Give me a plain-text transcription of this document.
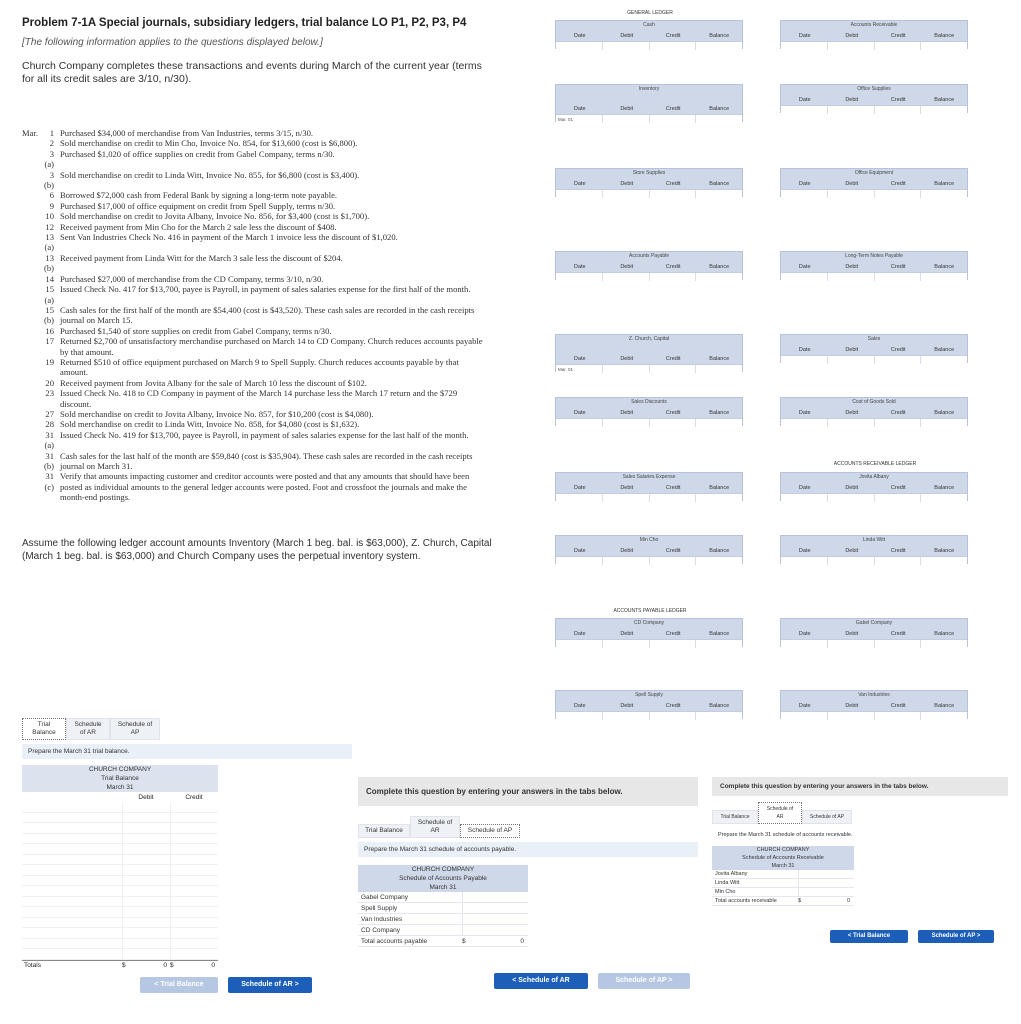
Problem 7-1A Special journals, subsidiary ledgers, trial balance LO P1, P2, P3, P4
[The following information applies to the questions displayed below.]
Church Company completes these transactions and events during March of the current year (terms for all its credit sales are 3/10, n/30).
Mar.	1 Purchased $34,000 of merchandise from Van Industries, terms 3/15, n/30.
2 Sold merchandise on credit to Min Cho, Invoice No. 854, for $13,600 (cost is $6,800).
3 (a)
Purchased $1,020 of office supplies on credit from Gabel Company, terms n/30.
3 (b)
Sold merchandise on credit to Linda Witt, Invoice No. 855, for $6,800 (cost is $3,400).
6 Borrowed $72,000 cash from Federal Bank by signing a long-term note payable.
9 Purchased $17,000 of office equipment on credit from Spell Supply, terms n/30.
10 Sold merchandise on credit to Jovita Albany, Invoice No. 856, for $3,400 (cost is $1,700).
12 Received payment from Min Cho for the March 2 sale less the discount of $408.
13 (a)
Sent Van Industries Check No. 416 in payment of the March 1 invoice less the discount of $1,020.
13 (b)
Received payment from Linda Witt for the March 3 sale less the discount of $204.
14 Purchased $27,000 of merchandise from the CD Company, terms 3/10, n/30.
15 (a)
Issued Check No. 417 for $13,700, payee is Payroll, in payment of sales salaries expense for the first half of the month.
15 (b)
Cash sales for the first half of the month are $54,400 (cost is $43,520). These cash sales are recorded in the cash receipts journal on March 15.
16 Purchased $1,540 of store supplies on credit from Gabel Company, terms n/30.
17 Returned $2,700 of unsatisfactory merchandise purchased on March 14 to CD Company. Church reduces accounts payable by that amount.
19 Returned $510 of office equipment purchased on March 9 to Spell Supply. Church reduces accounts payable by that amount.
20 Received payment from Jovita Albany for the sale of March 10 less the discount of $102.
23 Issued Check No. 418 to CD Company in payment of the March 14 purchase less the March 17 return and the $729 discount.
27 Sold merchandise on credit to Jovita Albany, Invoice No. 857, for $10,200 (cost is $4,080).
28 Sold merchandise on credit to Linda Witt, Invoice No. 858, for $4,080 (cost is $1,632).
31 (a)
Issued Check No. 419 for $13,700, payee is Payroll, in payment of sales salaries expense for the last half of the month.
31 (b)
Cash sales for the last half of the month are $59,840 (cost is $35,904). These cash sales are recorded in the cash receipts journal on March 31.
31 (c)
Verify that amounts impacting customer and creditor accounts were posted and that any amounts that should have been posted as individual amounts to the general ledger accounts were posted. Foot and crossfoot the journals and make the month-end postings.
Assume the following ledger account amounts Inventory (March 1 beg. bal. is $63,000), Z. Church, Capital (March 1 beg. bal. is $63,000) and Church Company uses the perpetual inventory system.
GENERAL LEDGER
Cash
Date	Debit	Credit	Balance
Accounts Receivable
Date	Debit	Credit	Balance
Inventory
Date	Debit	Credit	Balance
Mar. 01
Office Supplies
Date	Debit	Credit	Balance
Store Supplies
Date	Debit	Credit	Balance
Office Equipment
Date	Debit	Credit	Balance
Accounts Payable
Date	Debit	Credit	Balance
Long-Term Notes Payable
Date	Debit	Credit	Balance
Z. Church, Capital
Date	Debit	Credit	Balance
Mar. 01
Sales
Date	Debit	Credit	Balance
Sales Discounts
Date	Debit	Credit	Balance
Cost of Goods Sold
Date	Debit	Credit	Balance
Sales Salaries Expense
Date	Debit	Credit	Balance
Jovita Albany
Date	Debit	Credit	Balance
Min Cho
Date	Debit	Credit	Balance
Linda Witt
Date	Debit	Credit	Balance
CD Company
Date	Debit	Credit	Balance
Gabel Company
Date	Debit	Credit	Balance
Spell Supply
Date	Debit	Credit	Balance
Van Industries
Date	Debit	Credit	Balance
ACCOUNTS RECEIVABLE LEDGER
ACCOUNTS PAYABLE LEDGER
Trial Balance
Schedule of AR
Schedule of AP
Prepare the March 31 trial balance.
CHURCH COMPANY
Trial Balance
March 31
Debit	Credit
Totals	$	0 $	0
< Trial Balance	Schedule of AR >
Complete this question by entering your answers in the tabs below.
Trial Balance
Schedule of AR	Schedule of AP
Prepare the March 31 schedule of accounts payable.
CHURCH COMPANY
Schedule of Accounts Payable
March 31
Gabel Company
Spell Supply
Van Industries
CD Company
Total accounts payable	$	0
< Schedule of AR	Schedule of AP >
Complete this question by entering your answers in the tabs below.
Trial Balance
Schedule of AR	Schedule of AP
Prepare the March 31 schedule of accounts receivable.
CHURCH COMPANY
Schedule of Accounts Receivable
March 31
Jovita Albany
Linda Witt
Min Cho
Total accounts receivable	$	0
< Trial Balance	Schedule of AP >
